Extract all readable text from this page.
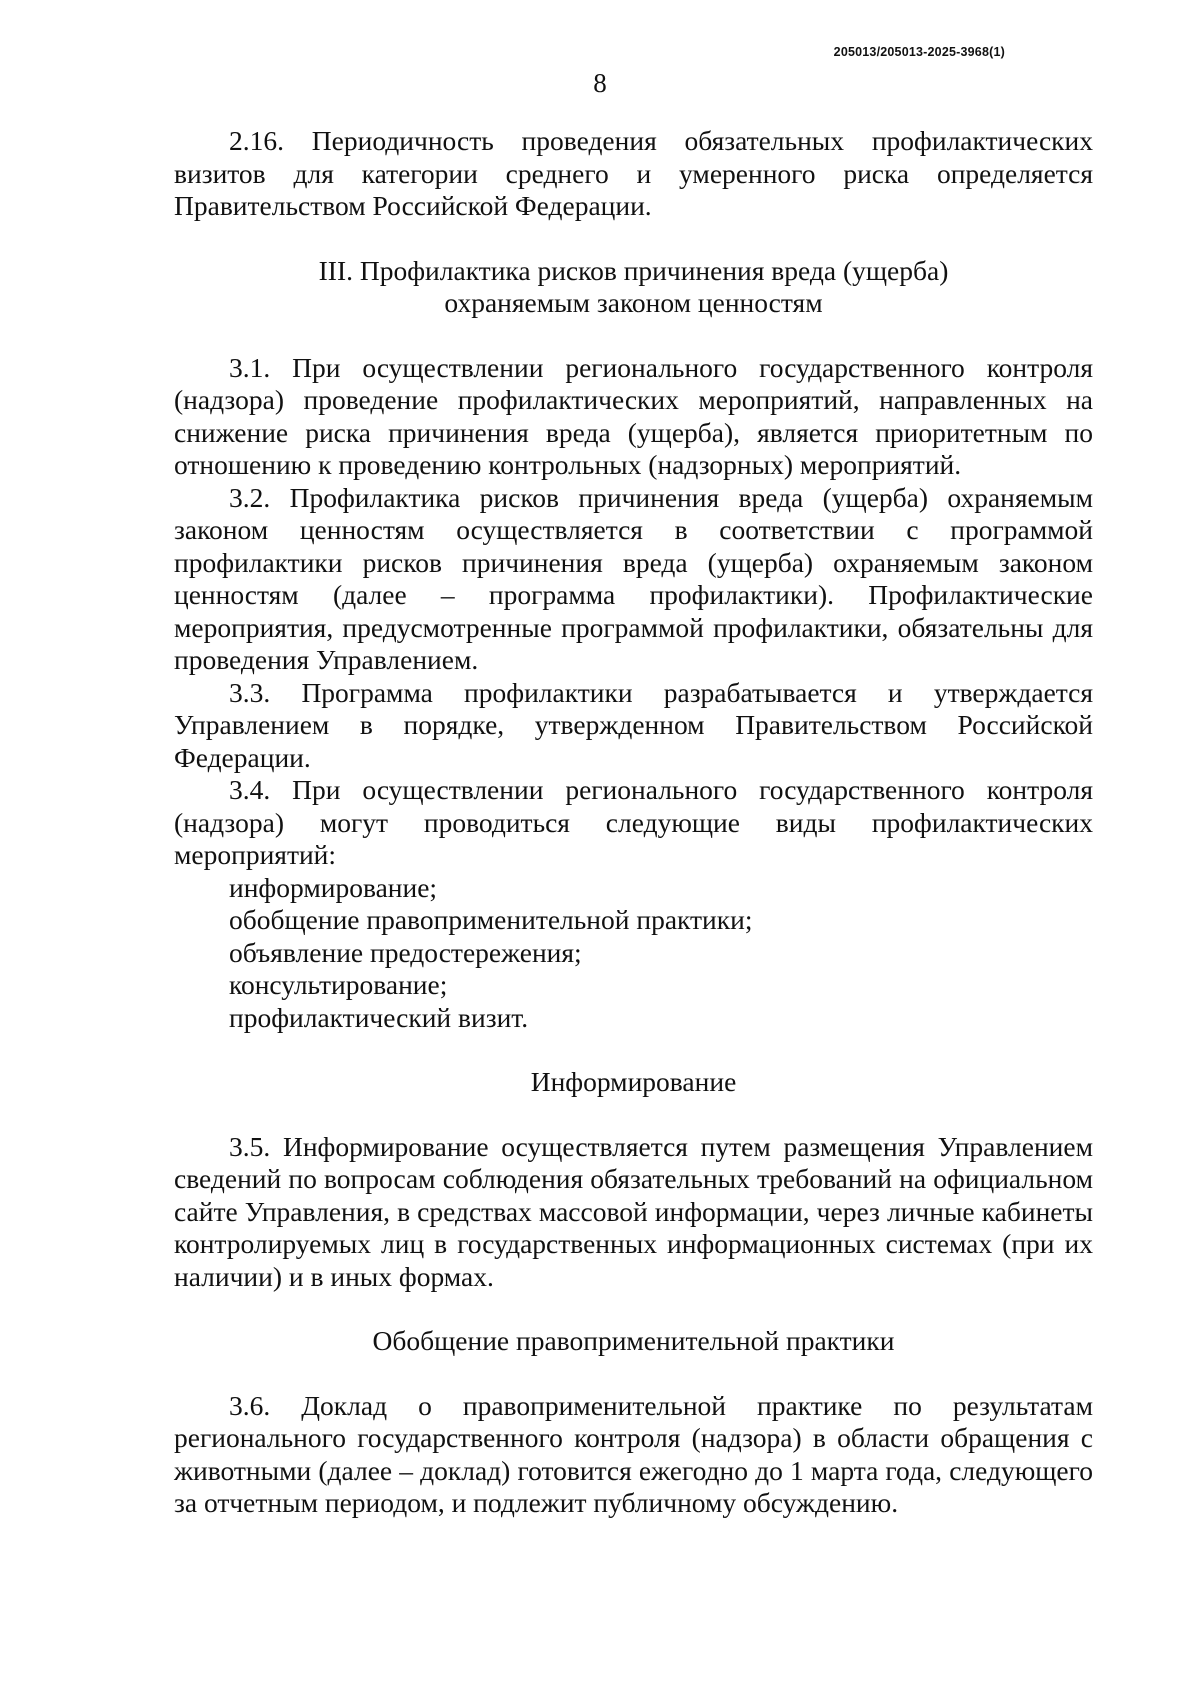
205013/205013-2025-3968(1)
8

2.16. Периодичность проведения обязательных профилактических визитов для категории среднего и умеренного риска определяется Правительством Российской Федерации.

III. Профилактика рисков причинения вреда (ущерба)

охраняемым законом ценностям

3.1. При осуществлении регионального государственного контроля (надзора) проведение профилактических мероприятий, направленных на снижение риска причинения вреда (ущерба), является приоритетным по отношению к проведению контрольных (надзорных) мероприятий.

3.2. Профилактика рисков причинения вреда (ущерба) охраняемым законом ценностям осуществляется в соответствии с программой профилактики рисков причинения вреда (ущерба) охраняемым законом ценностям (далее – программа профилактики). Профилактические мероприятия, предусмотренные программой профилактики, обязательны для проведения Управлением.

3.3. Программа профилактики разрабатывается и утверждается Управлением в порядке, утвержденном Правительством Российской Федерации.

3.4. При осуществлении регионального государственного контроля (надзора) могут проводиться следующие виды профилактических мероприятий:

информирование;

обобщение правоприменительной практики;

объявление предостережения;

консультирование;

профилактический визит.

Информирование

3.5. Информирование осуществляется путем размещения Управлением сведений по вопросам соблюдения обязательных требований на официальном сайте Управления, в средствах массовой информации, через личные кабинеты контролируемых лиц в государственных информационных системах (при их наличии) и в иных формах.

Обобщение правоприменительной практики

3.6. Доклад о правоприменительной практике по результатам регионального государственного контроля (надзора) в области обращения с животными (далее – доклад) готовится ежегодно до 1 марта года, следующего за отчетным периодом, и подлежит публичному обсуждению.
